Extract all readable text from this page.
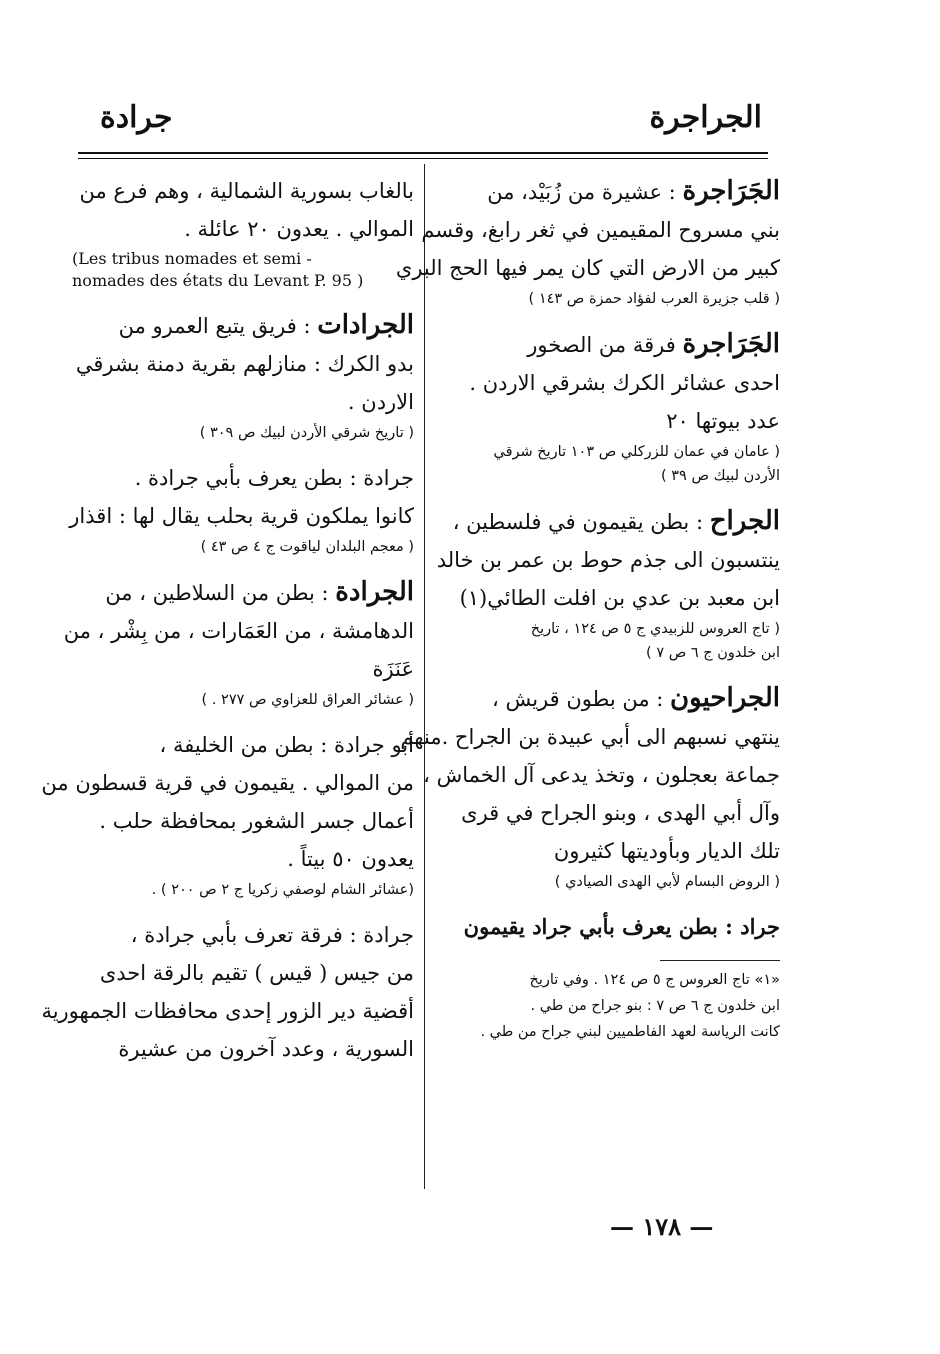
الجراجرة
جرادة
الجَرَاجرة : عشيرة من زُبَيْد، من
بني مسروح المقيمين في ثغر رابغ، وقسم
كبير من الارض التي كان يمر فيها الحج البري
( قلب جزيرة العرب لفؤاد حمزة ص ١٤٣ )
الجَرَاجرة فرقة من الصخور
احدى عشائر الكرك بشرقي الاردن .
عدد بيوتها ٢٠
( عامان في عمان للزركلي ص ١٠٣ تاريخ شرقي
الأردن لبيك ص ٣٩ )
الجراح : بطن يقيمون في فلسطين ،
ينتسبون الى جذم حوط بن عمر بن خالد
ابن معبد بن عدي بن افلت الطائي(١)
( تاج العروس للزبيدي ج ٥ ص ١٢٤ ، تاريخ
ابن خلدون ج ٦ ص ٧ )
الجراحيون : من بطون قريش ،
ينتهي نسبهم الى أبي عبيدة بن الجراح .منهم
جماعة بعجلون ، وتخذ يدعى آل الخماش ،
وآل أبي الهدى ، وبنو الجراح في قرى
تلك الديار وبأوديتها كثيرون
( الروض البسام لأبي الهدى الصيادي )
جراد : بطن يعرف بأبي جراد يقيمون
«١» تاج العروس ج ٥ ص ١٢٤ . وفي تاريخ
ابن خلدون ج ٦ ص ٧ : بنو جراح من طي .
كانت الرياسة لعهد الفاطميين لبني جراح من طي .
بالغاب بسورية الشمالية ، وهم فرع من
الموالي . يعدون ٢٠ عائلة .
(Les tribus nomades et semi -
nomades des états du Levant P. 95 )
الجرادات : فريق يتبع العمرو من
بدو الكرك : منازلهم بقرية دمنة بشرقي
الاردن .
( تاريخ شرقي الأردن لبيك ص ٣٠٩ )
جرادة : بطن يعرف بأبي جرادة .
كانوا يملكون قرية بحلب يقال لها : اقذار
( معجم البلدان لياقوت ج ٤ ص ٤٣ )
الجرادة : بطن من السلاطين ، من
الدهامشة ، من العَمَارات ، من بِشْر ، من
عَنَزَة
( عشائر العراق للعزاوي ص ٢٧٧ . )
أبو جرادة : بطن من الخليفة ،
من الموالي . يقيمون في قرية قسطون من
أعمال جسر الشغور بمحافظة حلب .
يعدون ٥٠ بيتاً .
(عشائر الشام لوصفي زكريا ج ٢ ص ٢٠٠ ) .
جرادة : فرقة تعرف بأبي جرادة ،
من جيس ( قيس ) تقيم بالرقة احدى
أقضية دير الزور إحدى محافظات الجمهورية
السورية ، وعدد آخرون من عشيرة
— ١٧٨ —
